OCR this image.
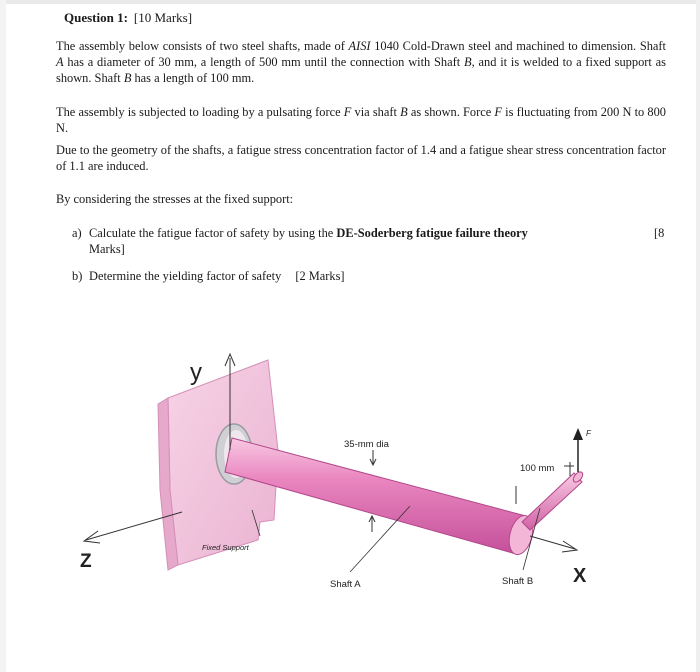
Question 1: [10 Marks]
The assembly below consists of two steel shafts, made of AISI 1040 Cold-Drawn steel and machined to dimension. Shaft A has a diameter of 30 mm, a length of 500 mm until the connection with Shaft B, and it is welded to a fixed support as shown. Shaft B has a length of 100 mm.
The assembly is subjected to loading by a pulsating force F via shaft B as shown. Force F is fluctuating from 200 N to 800 N.
Due to the geometry of the shafts, a fatigue stress concentration factor of 1.4 and a fatigue shear stress concentration factor of 1.1 are induced.
By considering the stresses at the fixed support:
a) Calculate the fatigue factor of safety by using the DE-Soderberg fatigue failure theory	[8
Marks]
b) Determine the yielding factor of safety [2 Marks]
y
Z
X
35-mm dia
100 mm
F
Fixed Support
Shaft A	Shaft B
